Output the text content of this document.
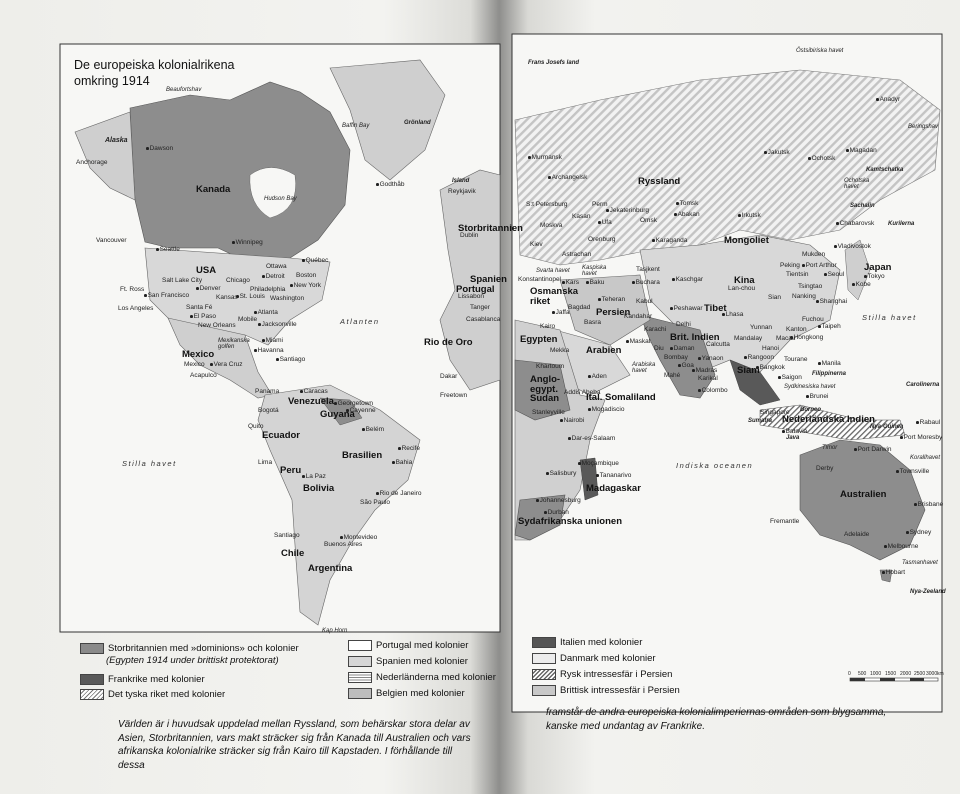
De europeiska kolonialrikena
omkring 1914
Kanada
USA
Mexico
Venezuela
Guyana
Ecuador
Peru
Brasilien
Bolivia
Chile
Argentina
Ryssland
Mongoliet
Kina
Japan
Tibet
Persien
Osmanska riket
Arabien
Egypten
Anglo-egypt. Sudan	Ital. Somaliland
Madagaskar
Brit. Indien
Siam
Nederländska Indien
Australien
Storbritannien
Spanien
Portugal
Sydafrikanska unionen
Atlanten
Stilla havet
Stilla havet
Indiska oceanen
Beaufortshav
Alaska
Hudson Bay
Baffin Bay	Grönland
Island
Frans Josefs land
Östsibiriska havet
Beringshav
Ochotska havet
Sachalin
Kamtschatka
Kurilerna
Sydkinesiska havet
Filippinerna
Carolinerna
Borneo
Sumatra
Java
Nya-Guinea
Korallhavet
Tasmanhavet
Nya-Zeeland
Mexikanska golfen
Kap Horn
Kaspiska havet
Svarta havet
Arabiska havet
Timor
Dawson
Anchorage
Vancouver
Seattle
Winnipeg
Ottawa
Québec
Detroit Boston
New York
Chicago
Philadelphia
Washington
Salt Lake City
Denver
San Francisco
Los Angeles
Ft. Ross
Kansas St. Louis
Atlanta
Santa Fé
El Paso
New Orleans
Mobile
Jacksonville
Miami
Havanna
Santiago
Mexico	Vera Cruz
Acapulco
Panama	Caracas
Bogotá
Quito
Georgetown
Cayenne
Belém
Recife
Bahia
Lima
La Paz
Rio de Janeiro
São Paulo
Santiago	Montevideo
Buenos Aires
Godthåb
Reykjavik
Dublin
Lissabon
Tanger
Casablanca
Rio de Oro
Dakar
Freetown
Murmansk
Archangelsk
S:t Petersburg	Perm
Jekaterinburg
Tomsk
Kasan
Ufa	Omsk
Moskva
Abakan	Irkutsk
Kiev
Orenburg	Karaganda
Astrachan
Tasjkent
Konstantinopel Kars	Baku	Buchara	Kaschgar
Bagdad
Teheran Kabul
Peshawar
Lhasa
Jaffa
Basra
Kandahar
Delhi
Kairo	Karachi
Mekka
Maskat	Calcutta
Khartoum
Aden
Diu	Daman
Bombay
Goa
Yanaon
Mahé
Madras
Karikal
Colombo
Addis Abeba
Mogadiscio
Nairobi
Stanleyville
Dar-es-Salaam
Moçambique
Salisbury	Tananarivo
Johannesburg
Durban
Jakutsk
Ochotsk
Magadan
Anadyr
Vladivostok
Chabarovsk
Mukden
Peking Port Arthur
Tientsin	Seoul	Tokyo
Kobe
Tsingtao
Nanking
Shanghai
Lan-chou
Sian
Fuchou
Taipeh
Kanton
Hongkong
Macau
Yunnan
Mandalay
Rangoon
Hanoi
Tourane
Bangkok
Saigon
Manila
Singapore
Brunei
Batavia
Rabaul
Port Moresby
Port Darwin
Townsville
Derby
Brisbane
Fremantle
Sydney
Adelaide
Melbourne
Hobart
Storbritannien med »dominions» och kolonier
(Egypten 1914 under brittiskt protektorat)
Frankrike med kolonier
Det tyska riket med kolonier
Portugal med kolonier
Spanien med kolonier
Nederländerna med kolonier
Belgien med kolonier
Italien med kolonier
Danmark med kolonier
Rysk intressesfär i Persien
Brittisk intressesfär i Persien
0 500 1000 1500 2000 2500 3000 km
Världen är i huvudsak uppdelad mellan Ryssland, som behärskar stora delar av Asien, Storbritannien, vars makt sträcker sig från Kanada till Australien och vars afrikanska kolonialrike sträcker sig från Kairo till Kapstaden. I förhållande till dessa
framstår de andra europeiska kolonialimperiernas områden som blygsamma, kanske med undantag av Frankrike.
